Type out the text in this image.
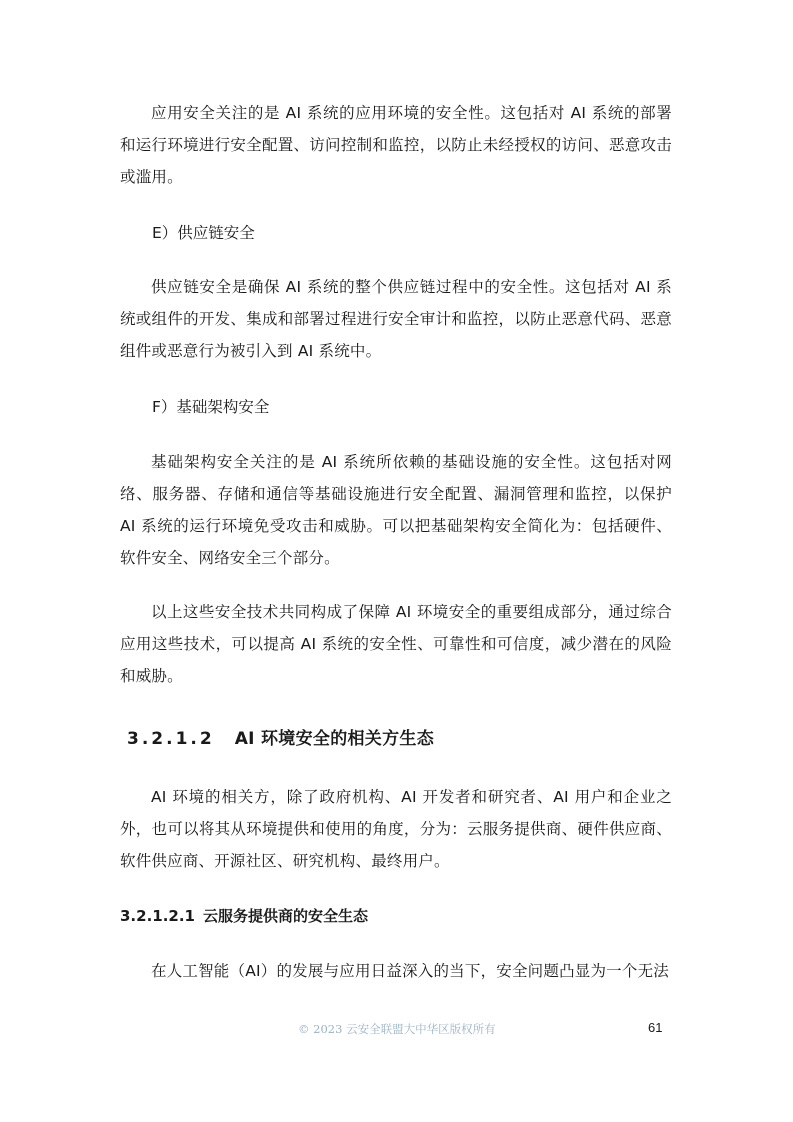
应用安全关注的是 AI 系统的应用环境的安全性。这包括对 AI 系统的部署和运行环境进行安全配置、访问控制和监控，以防止未经授权的访问、恶意攻击或滥用。

E）供应链安全

供应链安全是确保 AI 系统的整个供应链过程中的安全性。这包括对 AI 系统或组件的开发、集成和部署过程进行安全审计和监控，以防止恶意代码、恶意组件或恶意行为被引入到 AI 系统中。

F）基础架构安全

基础架构安全关注的是 AI 系统所依赖的基础设施的安全性。这包括对网络、服务器、存储和通信等基础设施进行安全配置、漏洞管理和监控，以保护 AI 系统的运行环境免受攻击和威胁。可以把基础架构安全简化为：包括硬件、软件安全、网络安全三个部分。

以上这些安全技术共同构成了保障 AI 环境安全的重要组成部分，通过综合应用这些技术，可以提高 AI 系统的安全性、可靠性和可信度，减少潜在的风险和威胁。

3.2.1.2 AI 环境安全的相关方生态

AI 环境的相关方，除了政府机构、AI 开发者和研究者、AI 用户和企业之外，也可以将其从环境提供和使用的角度，分为：云服务提供商、硬件供应商、软件供应商、开源社区、研究机构、最终用户。

3.2.1.2.1 云服务提供商的安全生态

在人工智能（AI）的发展与应用日益深入的当下，安全问题凸显为一个无法

© 2023 云安全联盟大中华区版权所有	61
